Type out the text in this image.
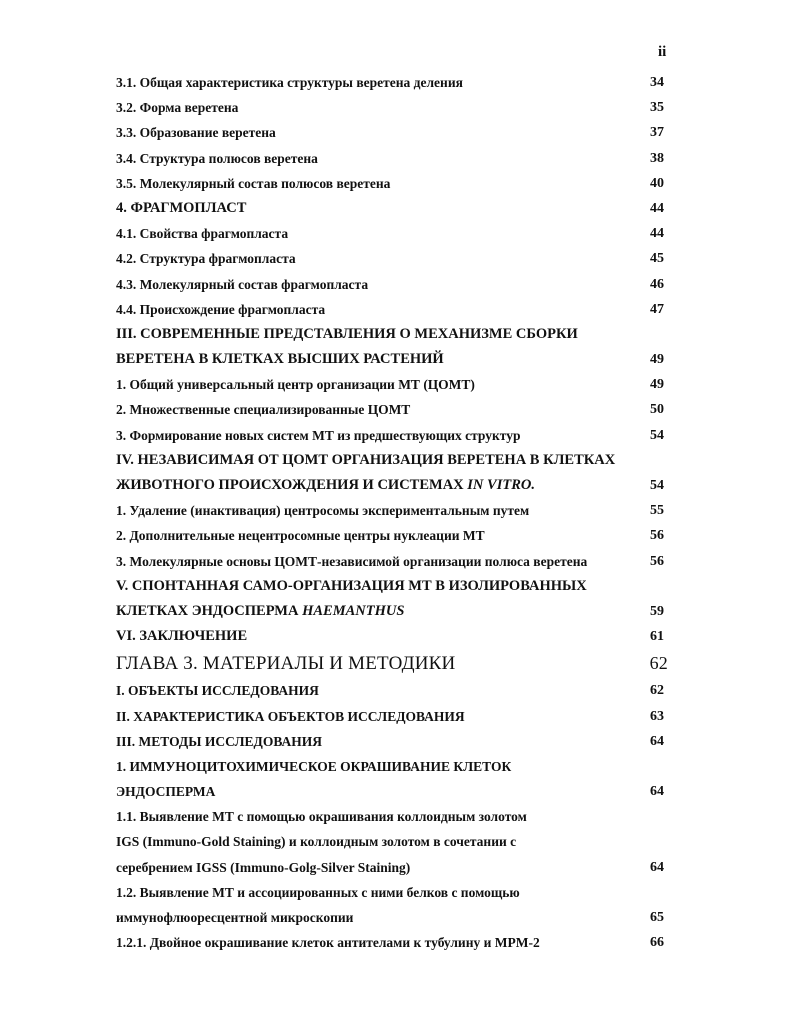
ii
3.1. Общая характеристика структуры веретена деления	34
3.2. Форма веретена	35
3.3. Образование веретена	37
3.4. Структура полюсов веретена	38
3.5. Молекулярный состав полюсов веретена	40
4. ФРАГМОПЛАСТ	44
4.1. Свойства фрагмопласта	44
4.2. Структура фрагмопласта	45
4.3. Молекулярный состав фрагмопласта	46
4.4. Происхождение фрагмопласта	47
III. СОВРЕМЕННЫЕ ПРЕДСТАВЛЕНИЯ О МЕХАНИЗМЕ СБОРКИ
ВЕРЕТЕНА В КЛЕТКАХ ВЫСШИХ РАСТЕНИЙ	49
1. Общий универсальный центр организации МТ (ЦОМТ)	49
2. Множественные специализированные ЦОМТ	50
3. Формирование новых систем МТ из предшествующих структур	54
IV. НЕЗАВИСИМАЯ ОТ ЦОМТ ОРГАНИЗАЦИЯ ВЕРЕТЕНА В КЛЕТКАХ
ЖИВОТНОГО ПРОИСХОЖДЕНИЯ И СИСТЕМАХ IN VITRO.	54
1. Удаление (инактивация) центросомы экспериментальным путем	55
2. Дополнительные нецентросомные центры нуклеации МТ	56
3. Молекулярные основы ЦОМТ-независимой организации полюса веретена	56
V. СПОНТАННАЯ САМО-ОРГАНИЗАЦИЯ МТ В ИЗОЛИРОВАННЫХ
КЛЕТКАХ ЭНДОСПЕРМА HAEMANTHUS	59
VI. ЗАКЛЮЧЕНИЕ	61
ГЛАВА 3. МАТЕРИАЛЫ И МЕТОДИКИ	62
I. ОБЪЕКТЫ ИССЛЕДОВАНИЯ	62
II. ХАРАКТЕРИСТИКА ОБЪЕКТОВ ИССЛЕДОВАНИЯ	63
III. МЕТОДЫ ИССЛЕДОВАНИЯ	64
1. ИММУНОЦИТОХИМИЧЕСКОЕ ОКРАШИВАНИЕ КЛЕТОК
ЭНДОСПЕРМА	64
1.1. Выявление МТ с помощью окрашивания коллоидным золотом
IGS (Immuno-Gold Staining) и коллоидным золотом в сочетании с
серебрением IGSS (Immuno-Golg-Silver Staining)	64
1.2. Выявление МТ и ассоциированных с ними белков с помощью
иммунофлюоресцентной микроскопии	65
1.2.1. Двойное окрашивание клеток антителами к тубулину и MPM-2	66
